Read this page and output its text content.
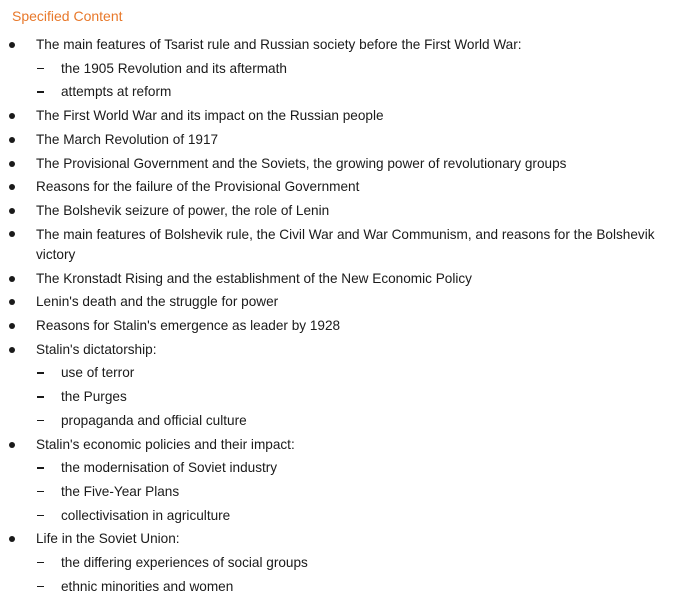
Specified Content
The main features of Tsarist rule and Russian society before the First World War:
the 1905 Revolution and its aftermath
attempts at reform
The First World War and its impact on the Russian people
The March Revolution of 1917
The Provisional Government and the Soviets, the growing power of revolutionary groups
Reasons for the failure of the Provisional Government
The Bolshevik seizure of power, the role of Lenin
The main features of Bolshevik rule, the Civil War and War Communism, and reasons for the Bolshevik victory
The Kronstadt Rising and the establishment of the New Economic Policy
Lenin's death and the struggle for power
Reasons for Stalin's emergence as leader by 1928
Stalin's dictatorship:
use of terror
the Purges
propaganda and official culture
Stalin's economic policies and their impact:
the modernisation of Soviet industry
the Five-Year Plans
collectivisation in agriculture
Life in the Soviet Union:
the differing experiences of social groups
ethnic minorities and women
